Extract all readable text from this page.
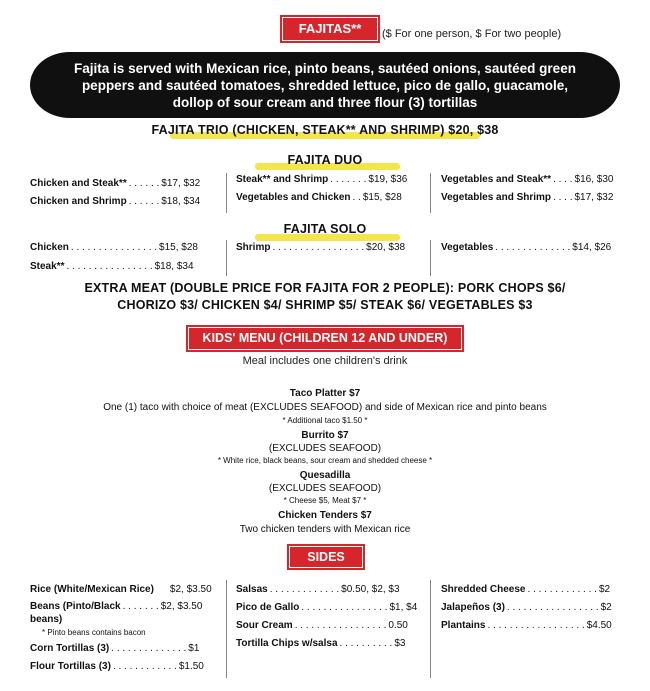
FAJITAS**	($ For one person, $ For two people)
Fajita is served with Mexican rice, pinto beans, sautéed onions, sautéed green peppers and sautéed tomatoes, shredded lettuce, pico de gallo, guacamole, dollop of sour cream and three flour (3) tortillas
FAJITA TRIO (CHICKEN, STEAK** AND SHRIMP) $20, $38
FAJITA DUO
Chicken and Steak** . . . . . . $17, $32
Chicken and Shrimp . . . . . . $18, $34
Steak** and Shrimp . . . . . . . $19, $36
Vegetables and Chicken . . $15, $28
Vegetables and Steak** . . . . $16, $30
Vegetables and Shrimp . . . . $17, $32
FAJITA SOLO
Chicken . . . . . . . . . . . . . . . . $15, $28
Steak** . . . . . . . . . . . . . . . . $18, $34
Shrimp . . . . . . . . . . . . . . . . . $20, $38	Vegetables . . . . . . . . . . . . . . $14, $26
EXTRA MEAT (DOUBLE PRICE FOR FAJITA FOR 2 PEOPLE): PORK CHOPS $6/ CHORIZO $3/ CHICKEN $4/ SHRIMP $5/ STEAK $6/ VEGETABLES $3
KIDS' MENU (CHILDREN 12 AND UNDER)
Meal includes one children's drink
Taco Platter $7
One (1) taco with choice of meat (EXCLUDES SEAFOOD) and side of Mexican rice and pinto beans
* Additional taco $1.50 *
Burrito $7
(EXCLUDES SEAFOOD)
* White rice, black beans, sour cream and shedded cheese *
Quesadilla
(EXCLUDES SEAFOOD)
* Cheese $5, Meat $7 *
Chicken Tenders $7
Two chicken tenders with Mexican rice
SIDES
Rice (White/Mexican Rice) $2, $3.50
Beans (Pinto/Black . . . . . . . $2, $3.50
beans)
* Pinto beans contains bacon
Corn Tortillas (3) . . . . . . . . . . . . . . $1
Flour Tortillas (3) . . . . . . . . . . . . $1.50
Salsas . . . . . . . . . . . . . $0.50, $2, $3
Pico de Gallo . . . . . . . . . . . . . . . . $1, $4
Sour Cream . . . . . . . . . . . . . . . . . 0.50
Tortilla Chips w/salsa . . . . . . . . . . $3
Shredded Cheese . . . . . . . . . . . . . $2
Jalapeños (3) . . . . . . . . . . . . . . . . . $2
Plantains . . . . . . . . . . . . . . . . . . $4.50
